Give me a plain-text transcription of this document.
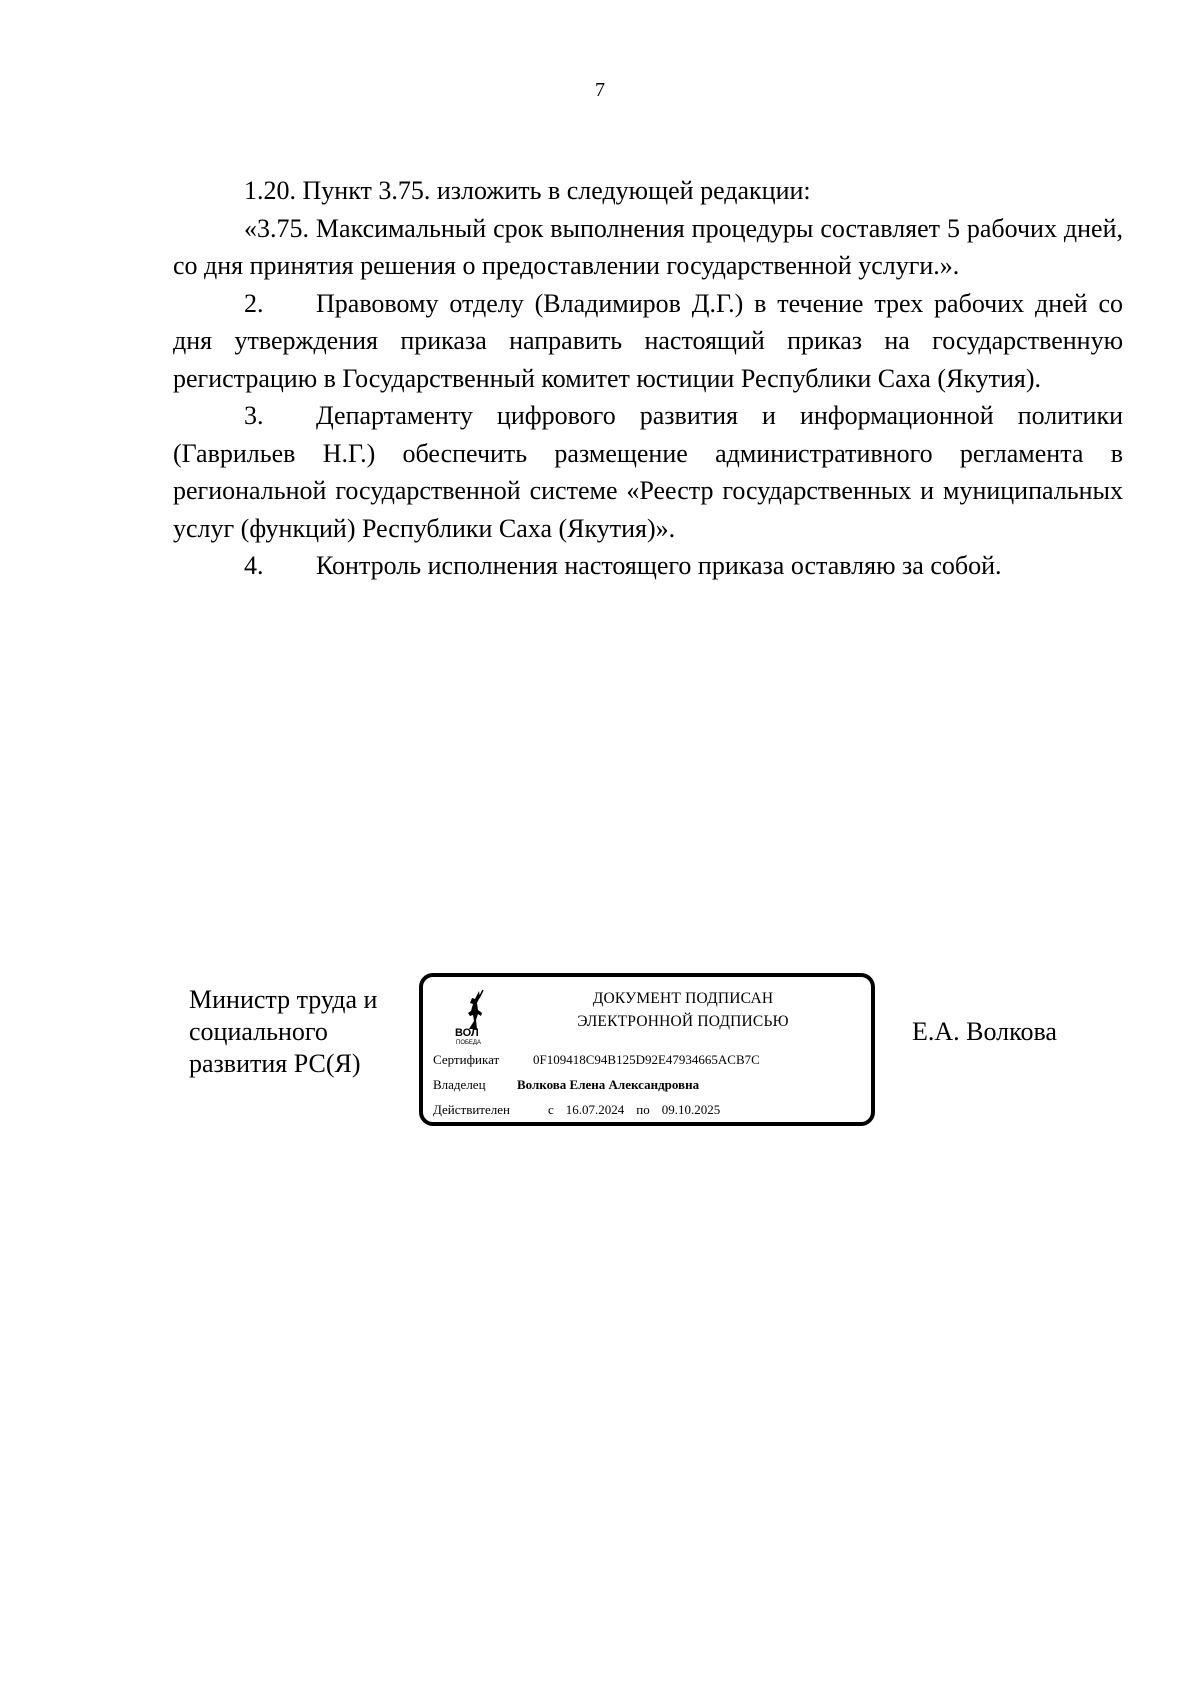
7

1.20. Пункт 3.75. изложить в следующей редакции:

«3.75. Максимальный срок выполнения процедуры составляет 5 рабочих дней, со дня принятия решения о предоставлении государственной услуги.».

2. Правовому отделу (Владимиров Д.Г.) в течение трех рабочих дней со дня утверждения приказа направить настоящий приказ на государственную регистрацию в Государственный комитет юстиции Республики Саха (Якутия).

3. Департаменту цифрового развития и информационной политики (Гаврильев Н.Г.) обеспечить размещение административного регламента в региональной государственной системе «Реестр государственных и муниципальных услуг (функций) Республики Саха (Якутия)».

4. Контроль исполнения настоящего приказа оставляю за собой.

Министр труда и
социального
развития РС(Я)
ВОЛ
ПОБЕДА
ДОКУМЕНТ ПОДПИСАН
ЭЛЕКТРОННОЙ ПОДПИСЬЮ
Сертификат	0F109418C94B125D92E47934665ACB7C
Владелец Волкова Елена Александровна
Действителен	с 16.07.2024 по 09.10.2025
Е.А. Волкова
